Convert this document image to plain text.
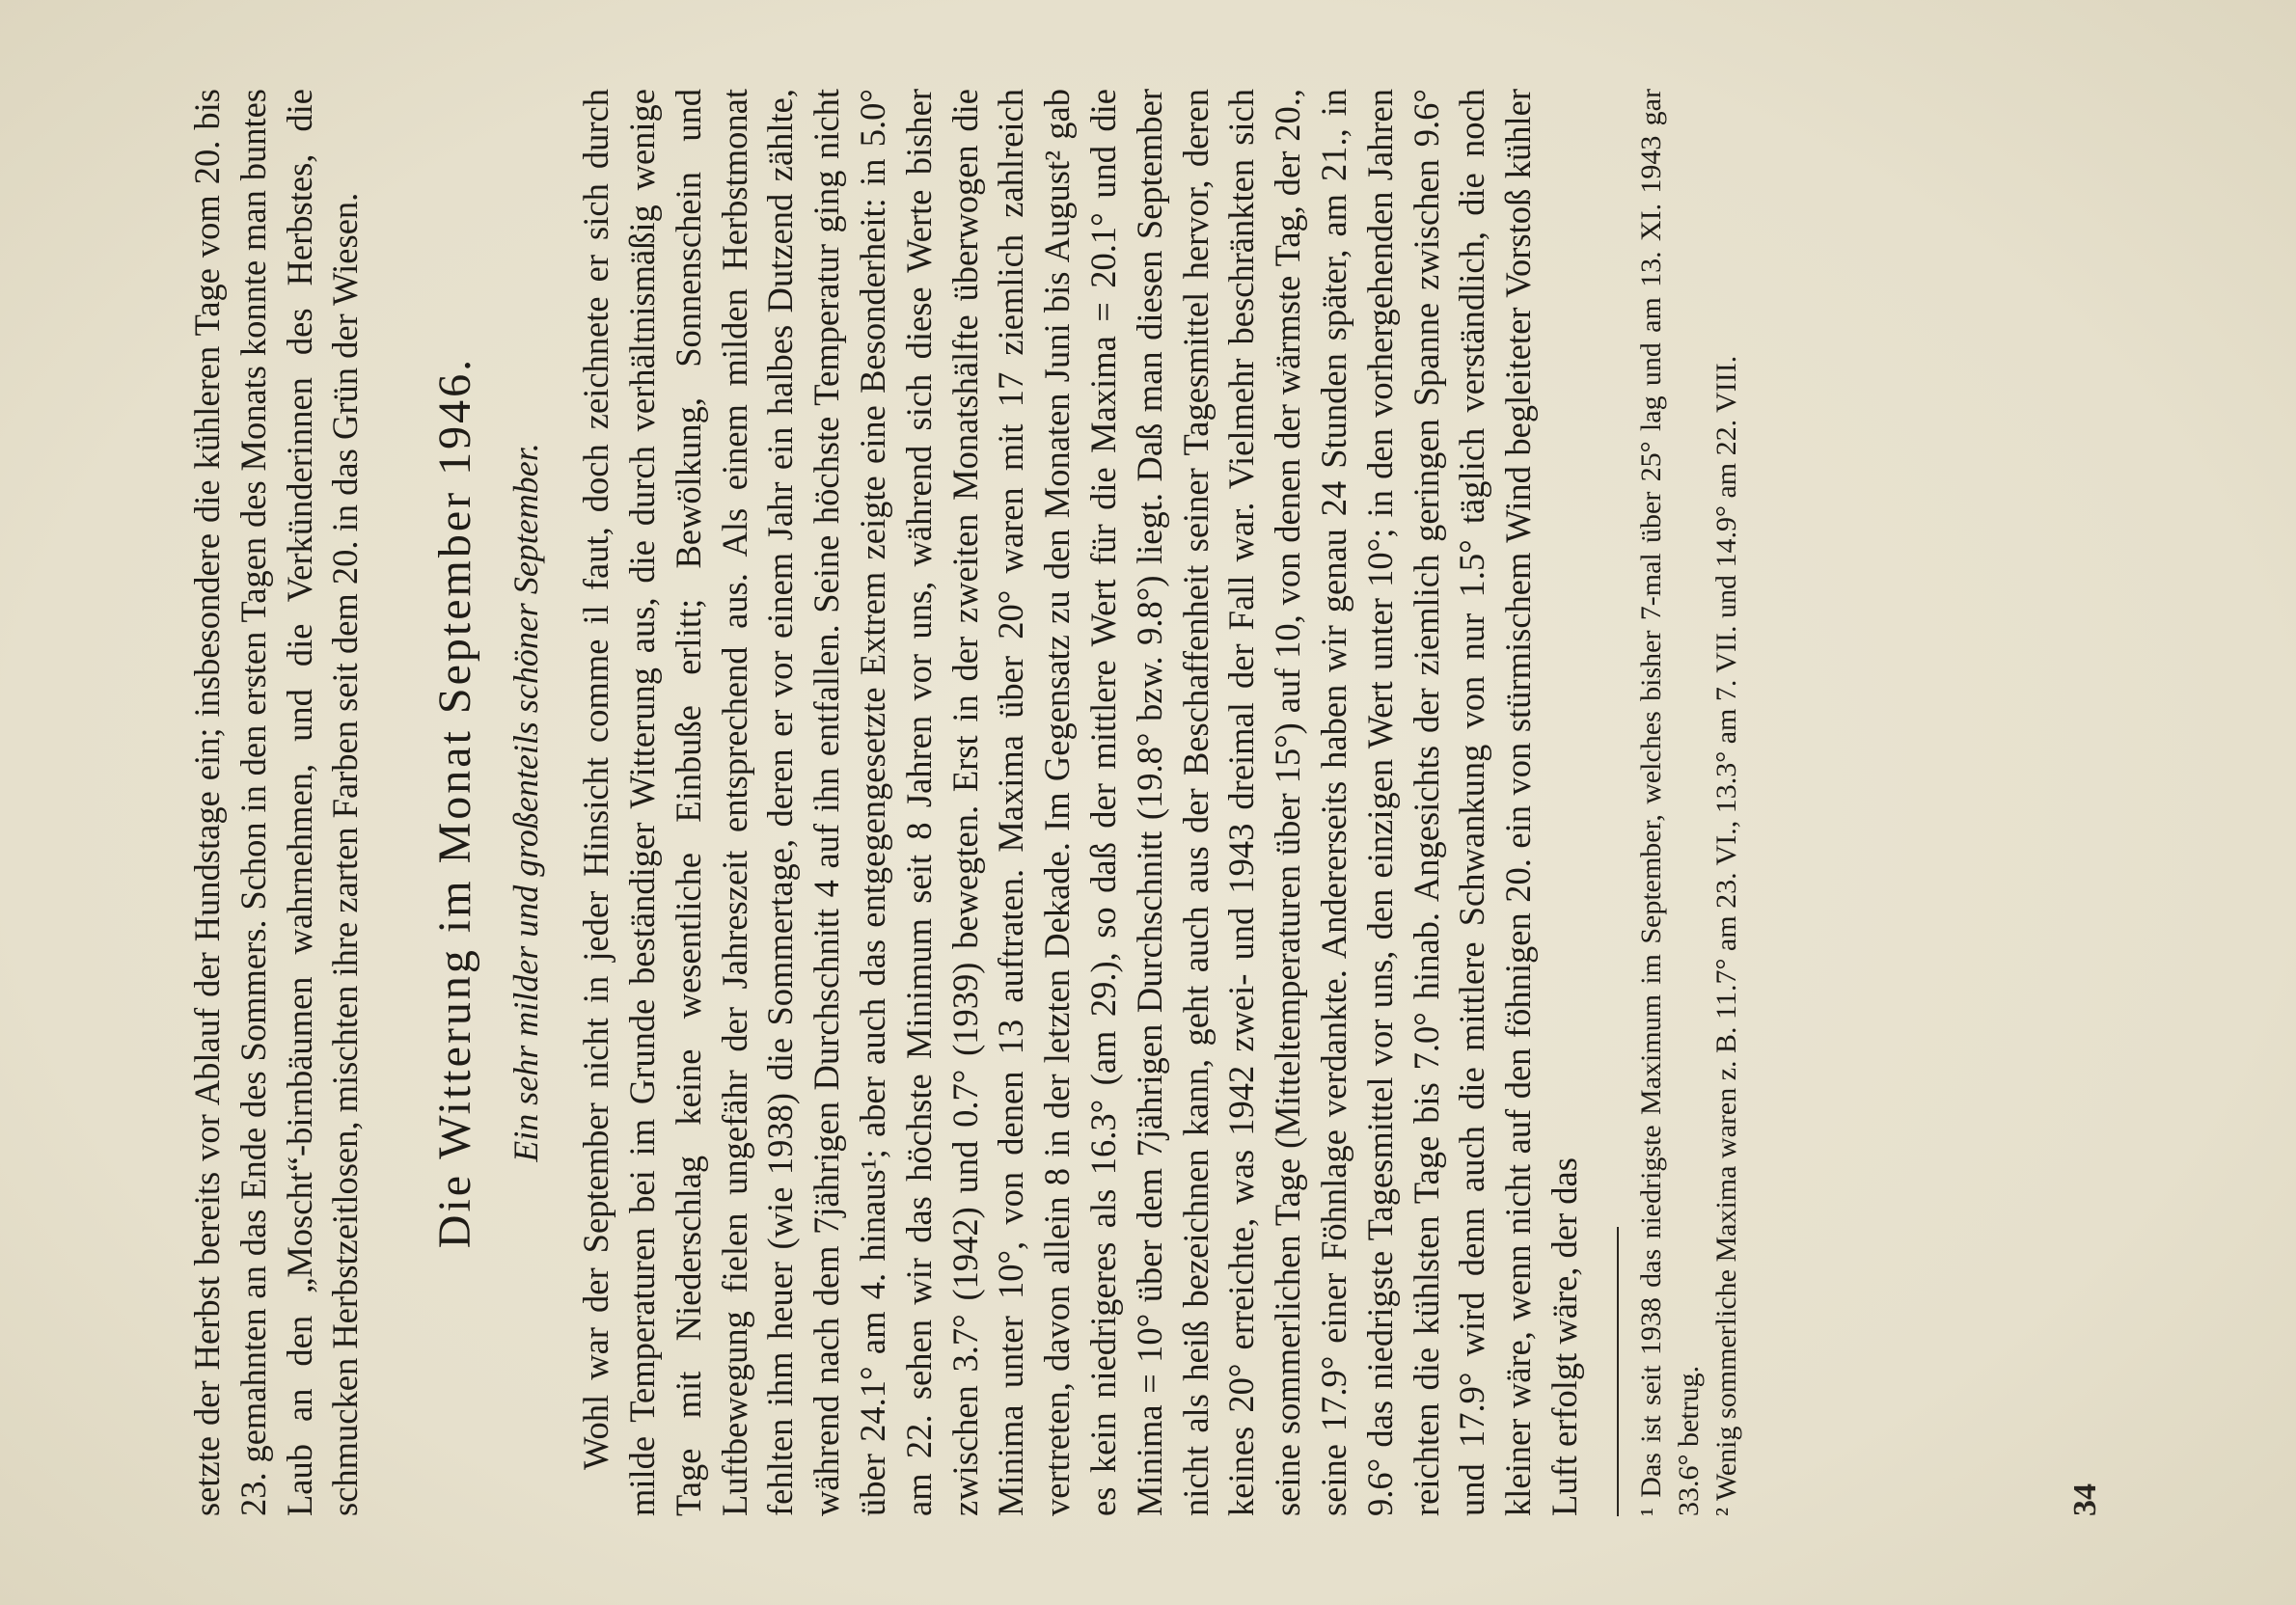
setzte der Herbst bereits vor Ablauf der Hundstage ein; insbesondere die kühleren Tage vom 20. bis 23. gemahnten an das Ende des Sommers. Schon in den ersten Tagen des Monats konnte man buntes Laub an den „Moscht“-birnbäumen wahrnehmen, und die Verkünderinnen des Herbstes, die schmucken Herbstzeitlosen, mischten ihre zarten Farben seit dem 20. in das Grün der Wiesen. Die Witterung im Monat September 1946. Ein sehr milder und großenteils schöner September. Wohl war der September nicht in jeder Hinsicht comme il faut, doch zeichnete er sich durch milde Temperaturen bei im Grunde beständiger Witterung aus, die durch verhältnismäßig wenige Tage mit Niederschlag keine wesentliche Einbuße erlitt; Bewölkung, Sonnenschein und Luftbewegung fielen ungefähr der Jahreszeit entsprechend aus. Als einem milden Herbstmonat fehlten ihm heuer (wie 1938) die Sommertage, deren er vor einem Jahr ein halbes Dutzend zählte, während nach dem 7jährigen Durchschnitt 4 auf ihn entfallen. Seine höchste Temperatur ging nicht über 24.1° am 4. hinaus¹; aber auch das entgegengesetzte Extrem zeigte eine Besonderheit: in 5.0° am 22. sehen wir das höchste Minimum seit 8 Jahren vor uns, während sich diese Werte bisher zwischen 3.7° (1942) und 0.7° (1939) bewegten. Erst in der zweiten Monatshälfte überwogen die Minima unter 10°, von denen 13 auftraten. Maxima über 20° waren mit 17 ziemlich zahlreich vertreten, davon allein 8 in der letzten Dekade. Im Gegensatz zu den Monaten Juni bis August² gab es kein niedrigeres als 16.3° (am 29.), so daß der mittlere Wert für die Maxima = 20.1° und die Minima = 10° über dem 7jährigen Durchschnitt (19.8° bzw. 9.8°) liegt. Daß man diesen September nicht als heiß bezeichnen kann, geht auch aus der Beschaffenheit seiner Tagesmittel hervor, deren keines 20° erreichte, was 1942 zwei- und 1943 dreimal der Fall war. Vielmehr beschränkten sich seine sommerlichen Tage (Mitteltemperaturen über 15°) auf 10, von denen der wärmste Tag, der 20., seine 17.9° einer Föhnlage verdankte. Andererseits haben wir genau 24 Stunden später, am 21., in 9.6° das niedrigste Tagesmittel vor uns, den einzigen Wert unter 10°; in den vorhergehenden Jahren reichten die kühlsten Tage bis 7.0° hinab. Angesichts der ziemlich geringen Spanne zwischen 9.6° und 17.9° wird denn auch die mittlere Schwankung von nur 1.5° täglich verständlich, die noch kleiner wäre, wenn nicht auf den föhnigen 20. ein von stürmischem Wind begleiteter Vorstoß kühler Luft erfolgt wäre, der das ¹ Das ist seit 1938 das niedrigste Maximum im September, welches bisher 7-mal über 25° lag und am 13. XI. 1943 gar 33.6° betrug. ² Wenig sommerliche Maxima waren z. B. 11.7° am 23. VI., 13.3° am 7. VII. und 14.9° am 22. VIII.	34
